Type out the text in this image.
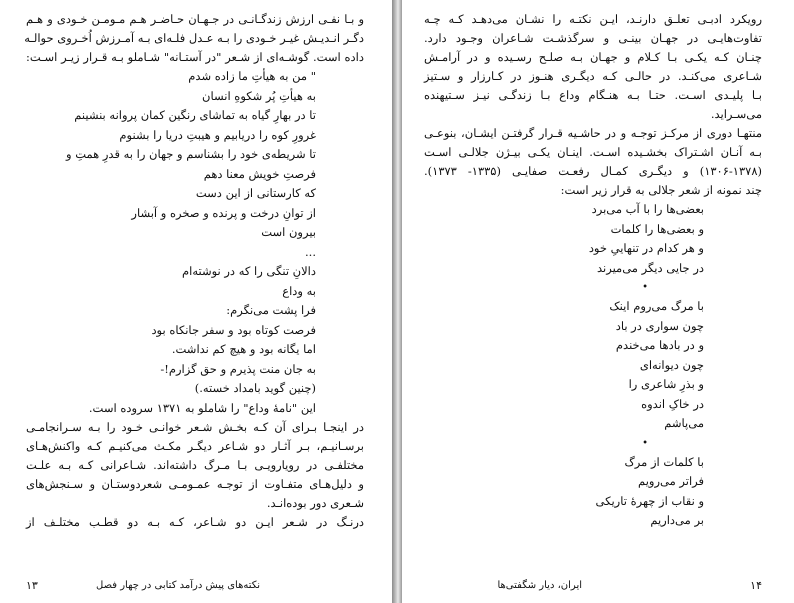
و بـا نفـی ارزش زندگـانـی در جـهـان حـاضـر هـم مـومـن خـودی و هـم
دگـر انـدیـش غیـر خـودی را بـه عـدل فلـه‌ای بـه آمـرزش اُخـروی حوالـه
داده است. گوشـه‌ای از شـعر "در آستـانه" شـاملو بـه قـرار زیـر اسـت:
" من به هیأتِ ما زاده شدم
به هیأتِ پُر شکوهِ انسان
تا در بهارِ گیاه به تماشای رنگین کمان پروانه بنشینم
غرورِ کوه را دریابیم و هیبتِ دریا را بشنوم
تا شریطه‌ی خود را بشناسم و جهان را به قدرِ همتِ و
فرصتِ خویش معنا دهم
که کارستانی از این دست
از توانِ درخت و پرنده و صخره و آبشار
بیرون است
...
دالانِ تنگی را که در نوشته‌ام
به وداع
فرا پشت می‌نگرم:
فرصت کوتاه بود و سفر جانکاه بود
اما یگانه بود و هیچ کم نداشت.
به جان منت پذیرم و حق گزارم!-
(چنین گوید بامداد خسته.)
این "نامهٔ وداع" را شاملو به ۱۳۷۱ سروده است.
در اینجـا بـرای آن کـه بخـش شـعر خوانـی خـود را بـه سـرانجامـی
برسـانیـم، بـر آثـار دو شـاعر دیگـر مکـث می‌کنیـم کـه واکنش‌هـای
مختلفـی در رویارویـی بـا مـرگ داشته‌اند. شـاعرانی کـه بـه علـت
و دلیل‌هـای متفـاوت از توجـه عمـومـی شعردوستـان و سـنجش‌های
شـعری دور بوده‌انـد.
درنـگ در شـعر ایـن دو شـاعر، کـه بـه دو قطـب مختلـف از
نکته‌های پیش درآمد کتابی در چهار فصل
۱۳
رویکرد ادبـی تعلـق دارنـد، ایـن نکتـه را نشـان می‌دهـد کـه چـه
تفاوت‌هایـی در جهـان بینـی و سرگذشـت شـاعران وجـود دارد.
چنـان کـه یکـی بـا کـلام و جهـان بـه صلـح رسـیده و در آرامـش
شـاعری می‌کنـد. در حالـی کـه دیگـری هنـوز در کـارزار و سـتیز
بـا پلیـدی اسـت. حتـا بـه هنـگام وداع بـا زندگـی نیـز سـتیهنده
می‌سـراید.
منتهـا دوری از مرکـز توجـه و در حاشـیه قـرار گرفتـن ایشـان، بنوعـی
بـه آنـان اشـتراک بخشـیده اسـت. اینـان یکـی بیـژن جلالـی اسـت
(۱۳۰۶-۱۳۷۸) و دیگـری کمـال رفعـت صفایـی (۱۳۳۵- ۱۳۷۳).
چند نمونه از شعر جلالی به قرار زیر است:
بعضی‌ها را با آب می‌برد
و بعضی‌ها را کلمات
و هر کدام در تنهاییِ خود
در جایی دیگر می‌میرند
•
با مرگ می‌روم اینک
چون سواری در باد
و در بادها می‌خندم
چون دیوانه‌ای
و بذرِ شاعری را
در خاکِ اندوه
می‌پاشم
•
با کلمات از مرگ
فراتر می‌رویم
و نقاب از چهرهٔ تاریکی
بر می‌داریم
ایران، دیار شگفتی‌ها	۱۴
